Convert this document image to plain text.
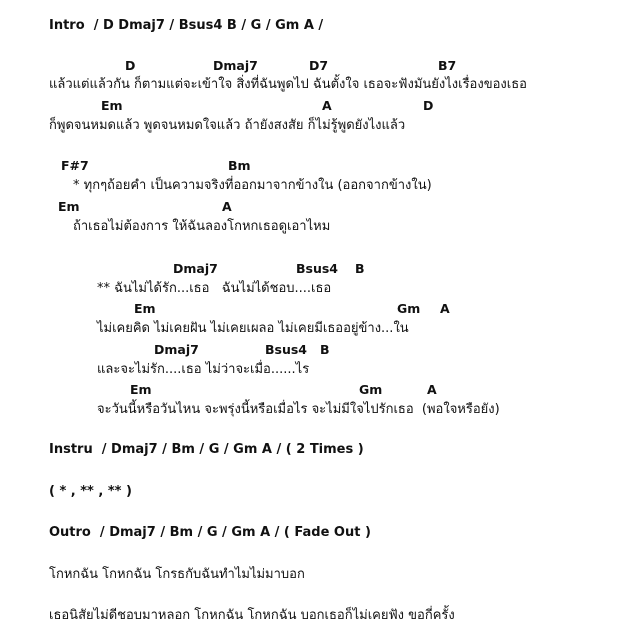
Intro  / D Dmaj7 / Bsus4 B / G / Gm A /
D	Dmaj7	D7	B7
แล้วแต่แล้วกัน ก็ตามแต่จะเข้าใจ สิ่งที่ฉันพูดไป ฉันตั้งใจ เธอจะฟังมันยังไงเรื่องของเธอ
Em	A	D
ก็พูดจนหมดแล้ว พูดจนหมดใจแล้ว ถ้ายังสงสัย ก็ไม่รู้พูดยังไงแล้ว
F#7	Bm
* ทุกๆถ้อยคำ เป็นความจริงที่ออกมาจากข้างใน (ออกจากข้างใน)
Em	A
ถ้าเธอไม่ต้องการ ให้ฉันลองโกหกเธอดูเอาไหม
Dmaj7	Bsus4 B
** ฉันไม่ได้รัก...เธอ   ฉันไม่ได้ชอบ....เธอ
Em	Gm A
ไม่เคยคิด ไม่เคยฝัน ไม่เคยเผลอ ไม่เคยมีเธออยู่ข้าง...ใน
Dmaj7	Bsus4 B
และจะไม่รัก....เธอ ไม่ว่าจะเมื่อ......ไร
Em	Gm	A
จะวันนี้หรือวันไหน จะพรุ่งนี้หรือเมื่อไร จะไม่มีใจไปรักเธอ  (พอใจหรือยัง)
Instru  / Dmaj7 / Bm / G / Gm A / ( 2 Times )
( * , ** , ** )
Outro  / Dmaj7 / Bm / G / Gm A / ( Fade Out )
โกหกฉัน โกหกฉัน โกรธกับฉันทำไมไม่มาบอก
เธอนิสัยไม่ดีชอบมาหลอก โกหกฉัน โกหกฉัน บอกเธอก็ไม่เคยฟัง ขอกี่ครั้ง
